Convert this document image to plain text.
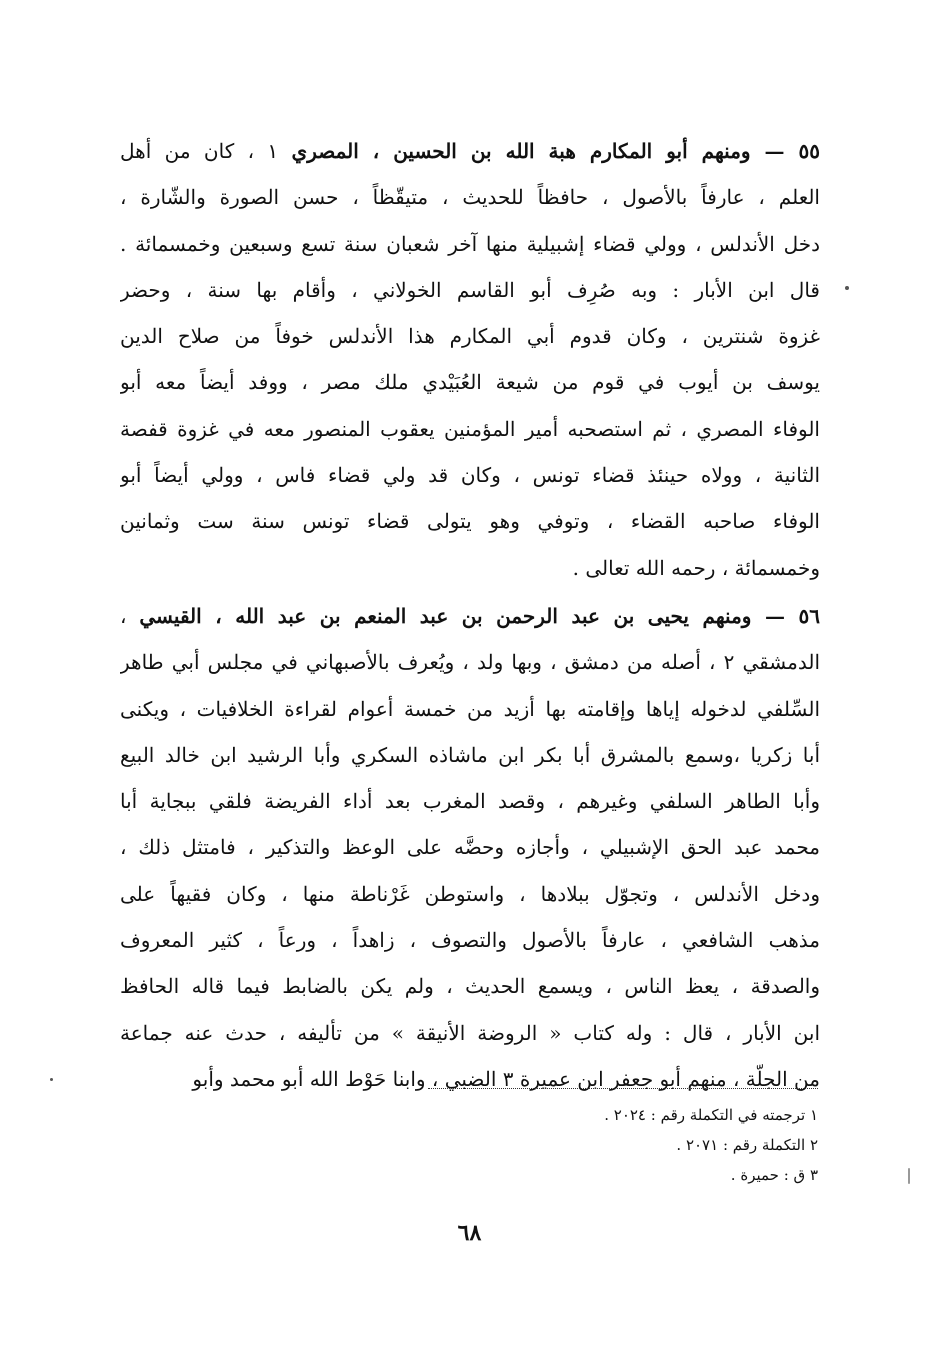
٥٥ — ومنهم أبو المكارم هبة الله بن الحسين ، المصري ١ ، كان من أهل
العلم ، عارفاً بالأصول ، حافظاً للحديث ، متيقّظاً ، حسن الصورة والشّارة ،
دخل الأندلس ، وولي قضاء إشبيلية منها آخر شعبان سنة تسع وسبعين وخمسمائة .
قال ابن الأبار : وبه صُرِف أبو القاسم الخولاني ، وأقام بها سنة ، وحضر
غزوة شنترين ، وكان قدوم أبي المكارم هذا الأندلس خوفاً من صلاح الدين
يوسف بن أيوب في قوم من شيعة العُبَيْدي ملك مصر ، ووفد أيضاً معه أبو
الوفاء المصري ، ثم استصحبه أمير المؤمنين يعقوب المنصور معه في غزوة قفصة
الثانية ، وولاه حينئذ قضاء تونس ، وكان قد ولي قضاء فاس ، وولي أيضاً أبو
الوفاء صاحبه القضاء ، وتوفي وهو يتولى قضاء تونس سنة ست وثمانين
وخمسمائة ، رحمه الله تعالى .
٥٦ — ومنهم يحيى بن عبد الرحمن بن عبد المنعم بن عبد الله ، القيسي ،
الدمشقي ٢ ، أصله من دمشق ، وبها ولد ، ويُعرف بالأصبهاني في مجلس أبي طاهر
السِّلفي لدخوله إياها وإقامته بها أزيد من خمسة أعوام لقراءة الخلافيات ، ويكنى
أبا زكريا ،وسمع بالمشرق أبا بكر ابن ماشاذه السكري وأبا الرشيد ابن خالد البيع
وأبا الطاهر السلفي وغيرهم ، وقصد المغرب بعد أداء الفريضة فلقي ببجاية أبا
محمد عبد الحق الإشبيلي ، وأجازه وحضَّه على الوعظ والتذكير ، فامتثل ذلك ،
ودخل الأندلس ، وتجوّل ببلادها ، واستوطن غَرْناطة منها ، وكان فقيهاً على
مذهب الشافعي ، عارفاً بالأصول والتصوف ، زاهداً ، ورعاً ، كثير المعروف
والصدقة ، يعظ الناس ، ويسمع الحديث ، ولم يكن بالضابط فيما قاله الحافظ
ابن الأبار ، قال : وله كتاب « الروضة الأنيقة » من تأليفه ، حدث عنه جماعة
من الجلّة ، منهم أبو جعفر ابن عميرة ٣ الضبي ، وابنا حَوْط الله أبو محمد وأبو
١ ترجمته في التكملة رقم : ٢٠٢٤ .
٢ التكملة رقم : ٢٠٧١ .
٣ ق : حميرة .
٦٨
